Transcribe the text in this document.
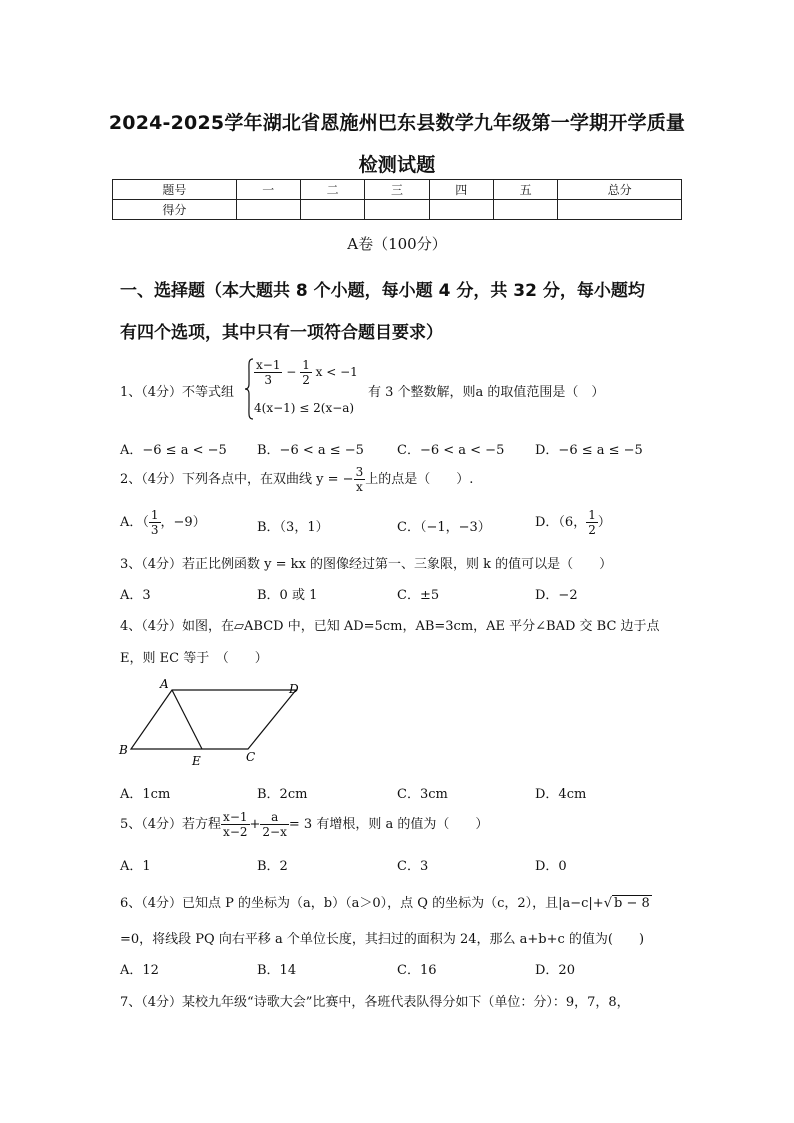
2024-2025学年湖北省恩施州巴东县数学九年级第一学期开学质量
检测试题
题号	一	二	三	四	五	总分
得分						
A卷（100分）
一、选择题（本大题共 8 个小题，每小题 4 分，共 32 分，每小题均
有四个选项，其中只有一项符合题目要求）
1、（4分）不等式组
$\frac{x-1}{3} - \frac{1}{2}$ x < −1
4(x−1) ≤ 2(x−a)
有 3 个整数解，则a 的取值范围是（　）
A．−6 ≤ a < −5 B．−6 < a ≤ −5	C．−6 < a < −5 D．−6 ≤ a ≤ −5
2、（4分）下列各点中，在双曲线 y = − $\frac{3}{x}$ 上的点是（　　）.
A．（ $\frac{1}{3}$ ，−9）	B．（3，1）	C．（−1，−3）	D．（6， $\frac{1}{2}$ ）
3、（4分）若正比例函数 y = kx 的图像经过第一、三象限，则 k 的值可以是（　　）
A．3	B．0 或 1	C．±5	D．−2
4、（4分）如图，在▱ABCD 中，已知 AD=5cm，AB=3cm，AE 平分∠BAD 交 BC 边于点
E，则 EC 等于　（　　）
A	D
B
E	C
A．1cm	B．2cm	C．3cm	D．4cm
5、（4分）若方程 $\frac{x-1}{x-2} + \frac{a}{2-x} = 3$ 有增根，则 a 的值为（　　）
A．1	B．2	C．3	D．0
6、（4分）已知点 P 的坐标为（a，b）（a＞0），点 Q 的坐标为（c，2），且|a−c|+√ b − 8
=0，将线段 PQ 向右平移 a 个单位长度，其扫过的面积为 24，那么 a+b+c 的值为(　　)
A．12	B．14	C．16	D．20
7、（4分）某校九年级“诗歌大会”比赛中，各班代表队得分如下（单位：分）：9，7，8，
